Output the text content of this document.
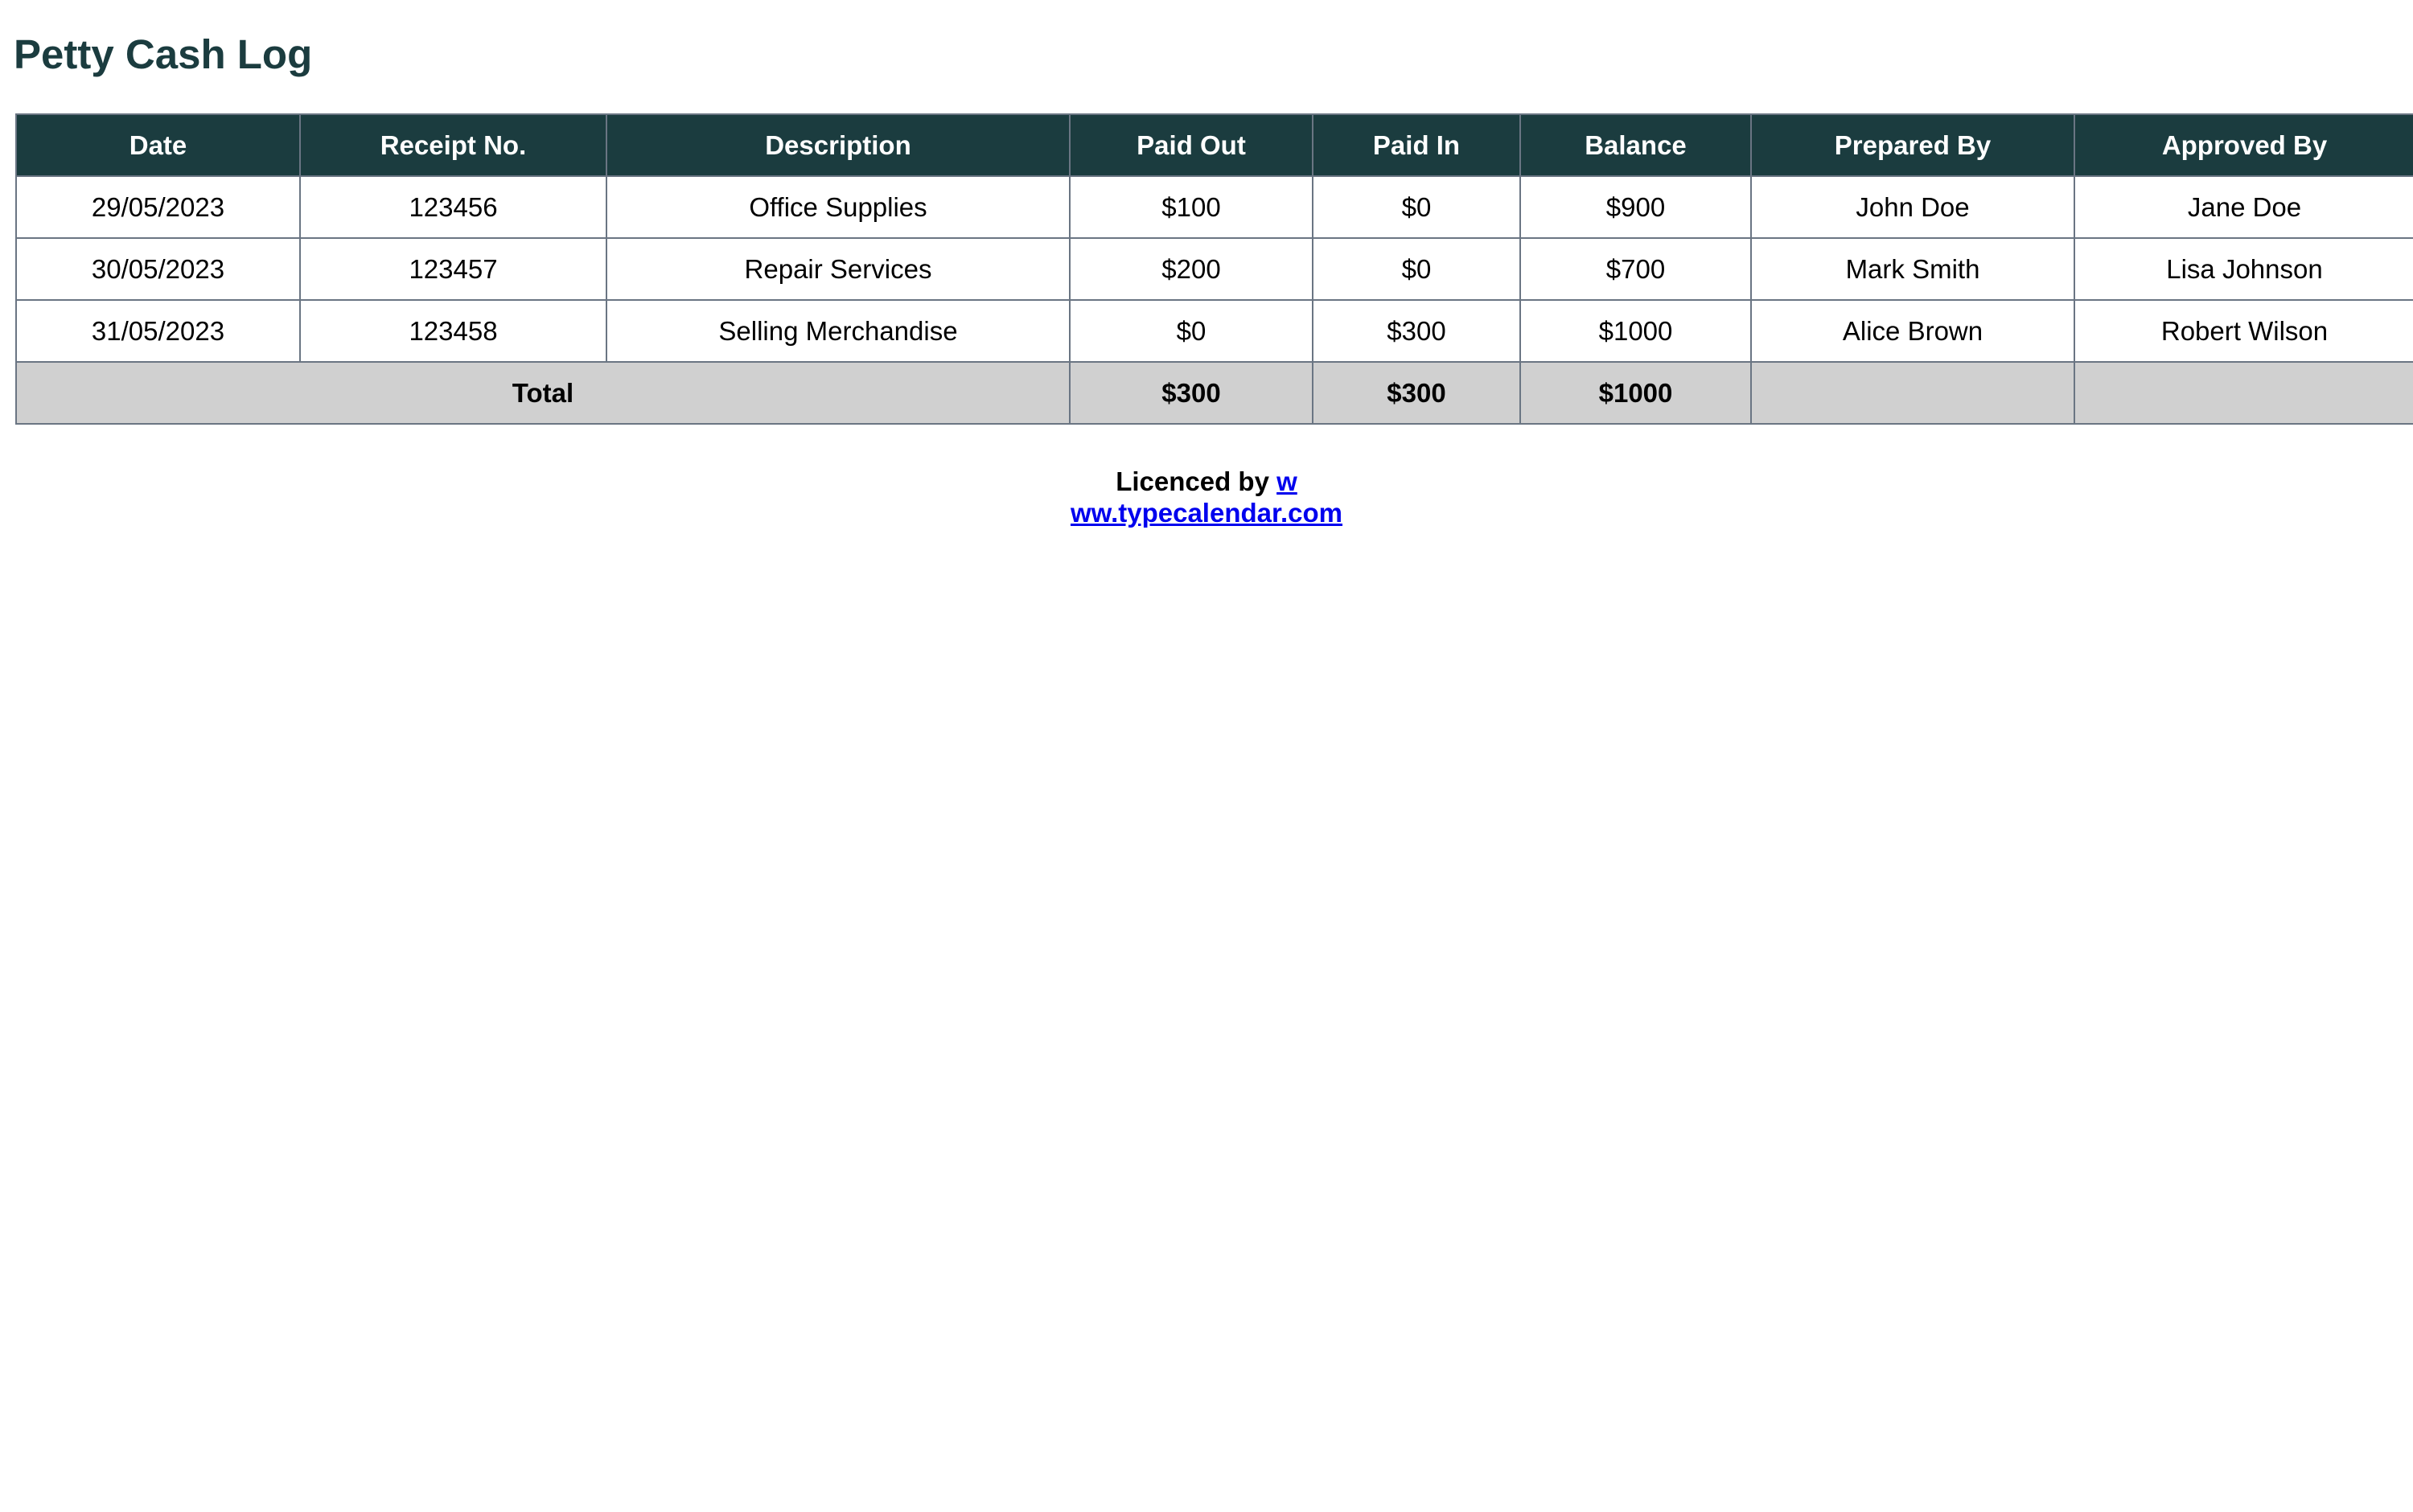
Petty Cash Log
Date	Receipt No.	Description	Paid Out	Paid In	Balance	Prepared By	Approved By
29/05/2023	123456	Office Supplies	$100	$0	$900	John Doe	Jane Doe
30/05/2023	123457	Repair Services	$200	$0	$700	Mark Smith	Lisa Johnson
31/05/2023	123458	Selling Merchandise	$0	$300	$1000	Alice Brown	Robert Wilson
Total			$300	$300	$1000		
Licenced by w
ww.typecalendar.com
